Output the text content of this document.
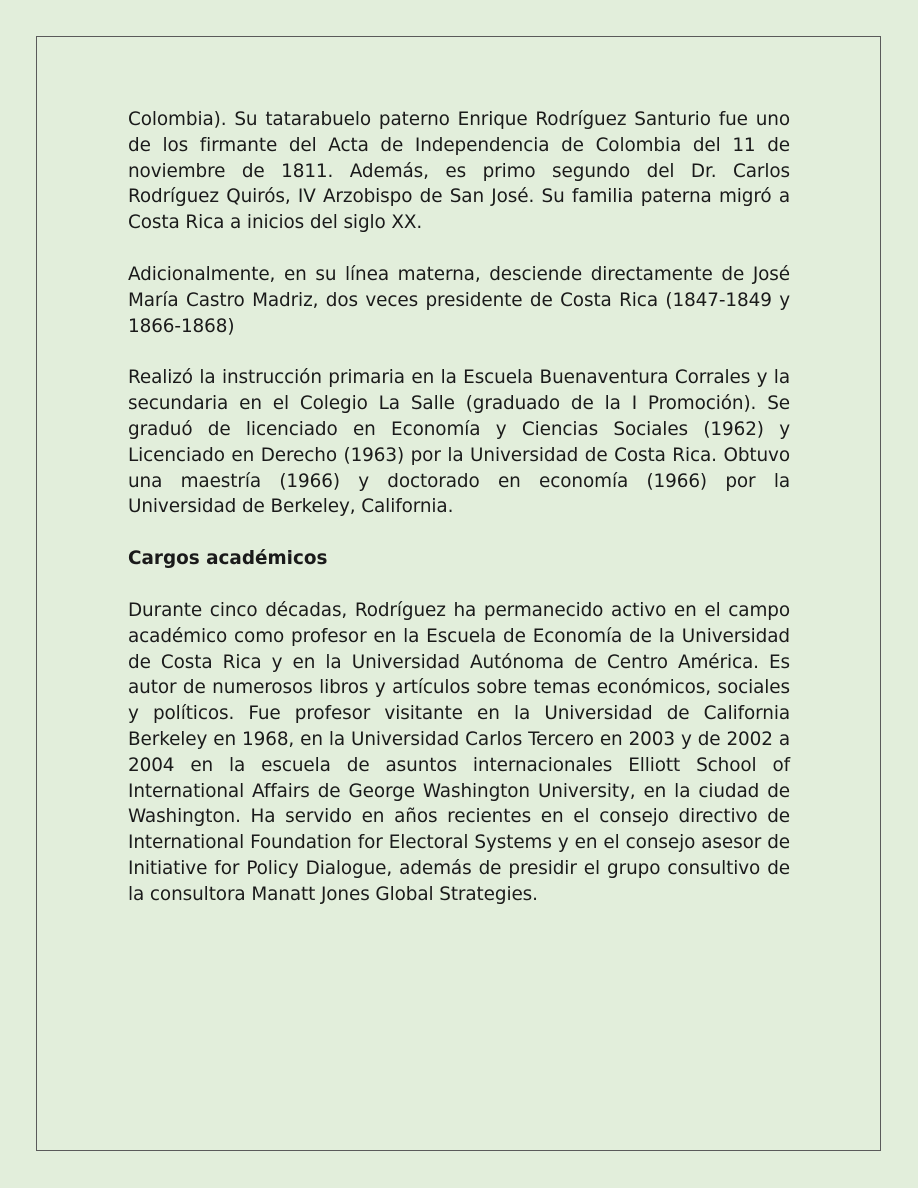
Colombia). Su tatarabuelo paterno Enrique Rodríguez Santurio fue uno de los firmante del Acta de Independencia de Colombia del 11 de noviembre de 1811. Además, es primo segundo del Dr. Carlos Rodríguez Quirós, IV Arzobispo de San José. Su familia paterna migró a Costa Rica a inicios del siglo XX.

Adicionalmente, en su línea materna, desciende directamente de José María Castro Madriz, dos veces presidente de Costa Rica (1847-1849 y 1866-1868)

Realizó la instrucción primaria en la Escuela Buenaventura Corrales y la secundaria en el Colegio La Salle (graduado de la I Promoción). Se graduó de licenciado en Economía y Ciencias Sociales (1962) y Licenciado en Derecho (1963) por la Universidad de Costa Rica. Obtuvo una maestría (1966) y doctorado en economía (1966) por la Universidad de Berkeley, California.

Cargos académicos

Durante cinco décadas, Rodríguez ha permanecido activo en el campo académico como profesor en la Escuela de Economía de la Universidad de Costa Rica y en la Universidad Autónoma de Centro América. Es autor de numerosos libros y artículos sobre temas económicos, sociales y políticos. Fue profesor visitante en la Universidad de California Berkeley en 1968, en la Universidad Carlos Tercero en 2003 y de 2002 a 2004 en la escuela de asuntos internacionales Elliott School of International Affairs de George Washington University, en la ciudad de Washington. Ha servido en años recientes en el consejo directivo de International Foundation for Electoral Systems y en el consejo asesor de Initiative for Policy Dialogue, además de presidir el grupo consultivo de la consultora Manatt Jones Global Strategies.
